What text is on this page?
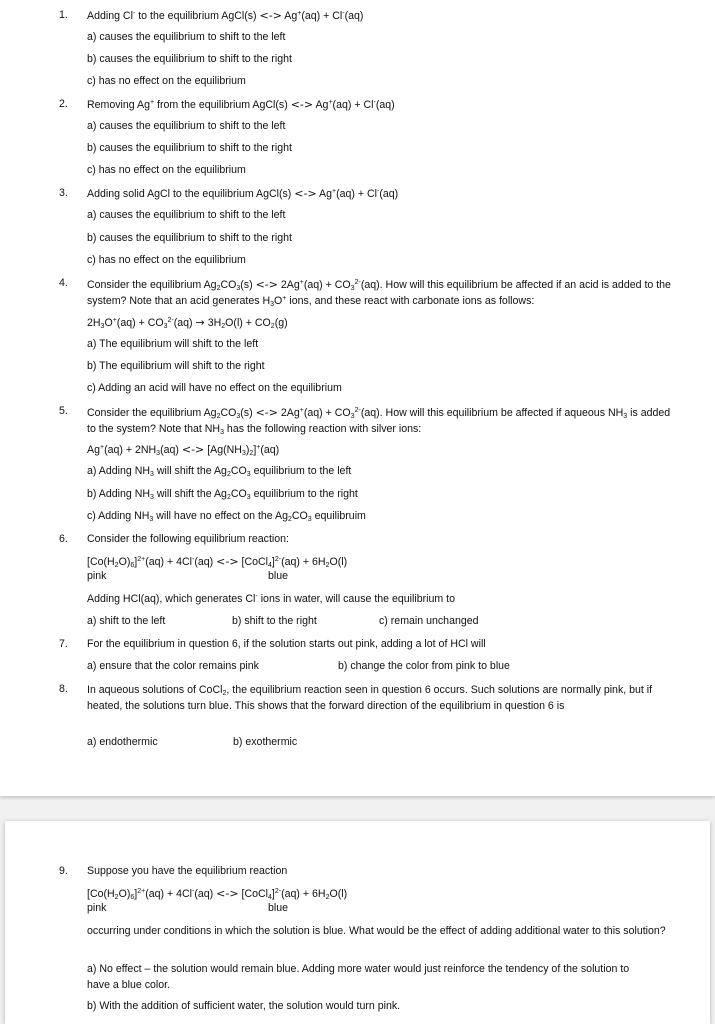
1. Adding Cl- to the equilibrium AgCl(s) <-> Ag+(aq) + Cl-(aq)
a) causes the equilibrium to shift to the left
b) causes the equilibrium to shift to the right
c) has no effect on the equilibrium
2. Removing Ag+ from the equilibrium AgCl(s) <-> Ag+(aq) + Cl-(aq)
a) causes the equilibrium to shift to the left
b) causes the equilibrium to shift to the right
c) has no effect on the equilibrium
3. Adding solid AgCl to the equilibrium AgCl(s) <-> Ag+(aq) + Cl-(aq)
a) causes the equilibrium to shift to the left
b) causes the equilibrium to shift to the right
c) has no effect on the equilibrium
4. Consider the equilibrium $Ag_2CO_3(s)$ <-> $2Ag^+(aq) + CO_3^{2-}(aq)$. How will this equilibrium be affected if an acid is added to the system? Note that an acid generates $H_3O^+$ ions, and these react with carbonate ions as follows:
$2H_3O^+(aq) + CO_3^{2-}(aq) \to 3H_2O(l) + CO_2(g)$
a) The equilibrium will shift to the left
b) The equilibrium will shift to the right
c) Adding an acid will have no effect on the equilibrium
5. Consider the equilibrium $Ag_2CO_3(s)$ <-> $2Ag^+(aq) + CO_3^{2-}(aq)$. How will this equilibrium be affected if aqueous $NH_3$ is added to the system? Note that $NH_3$ has the following reaction with silver ions:
$Ag^+(aq) + 2NH_3(aq)$ <-> $[Ag(NH_3)_2]^+(aq)$
a) Adding $NH_3$ will shift the $Ag_2CO_3$ equilibrium to the left
b) Adding $NH_3$ will shift the $Ag_2CO_3$ equilibrium to the right
c) Adding $NH_3$ will have no effect on the $Ag_2CO_3$ equilibruim
6. Consider the following equilibrium reaction:
$[Co(H_2O)_6]^{2+}(aq) + 4Cl^-(aq)$ <-> [CoCl$_4$]$^{2-}$(aq) + $6H_2O(l)$
pink	blue
Adding HCl(aq), which generates Cl- ions in water, will cause the equilibrium to
a) shift to the left	b) shift to the right	c) remain unchanged
7. For the equilibrium in question 6, if the solution starts out pink, adding a lot of HCl will
a) ensure that the color remains pink	b) change the color from pink to blue
8. In aqueous solutions of CoCl$_2$, the equilibrium reaction seen in question 6 occurs. Such solutions are normally pink, but if heated, the solutions turn blue. This shows that the forward direction of the equilibrium in question 6 is
a) endothermic	b) exothermic
9. Suppose you have the equilibrium reaction
$[Co(H_2O)_6]^{2+}(aq) + 4Cl^-(aq)$ <-> [CoCl$_4$]$^{2-}$(aq) + $6H_2O(l)$
pink	blue
occurring under conditions in which the solution is blue. What would be the effect of adding additional water to this solution?
a) No effect – the solution would remain blue. Adding more water would just reinforce the tendency of the solution to have a blue color.
b) With the addition of sufficient water, the solution would turn pink.
